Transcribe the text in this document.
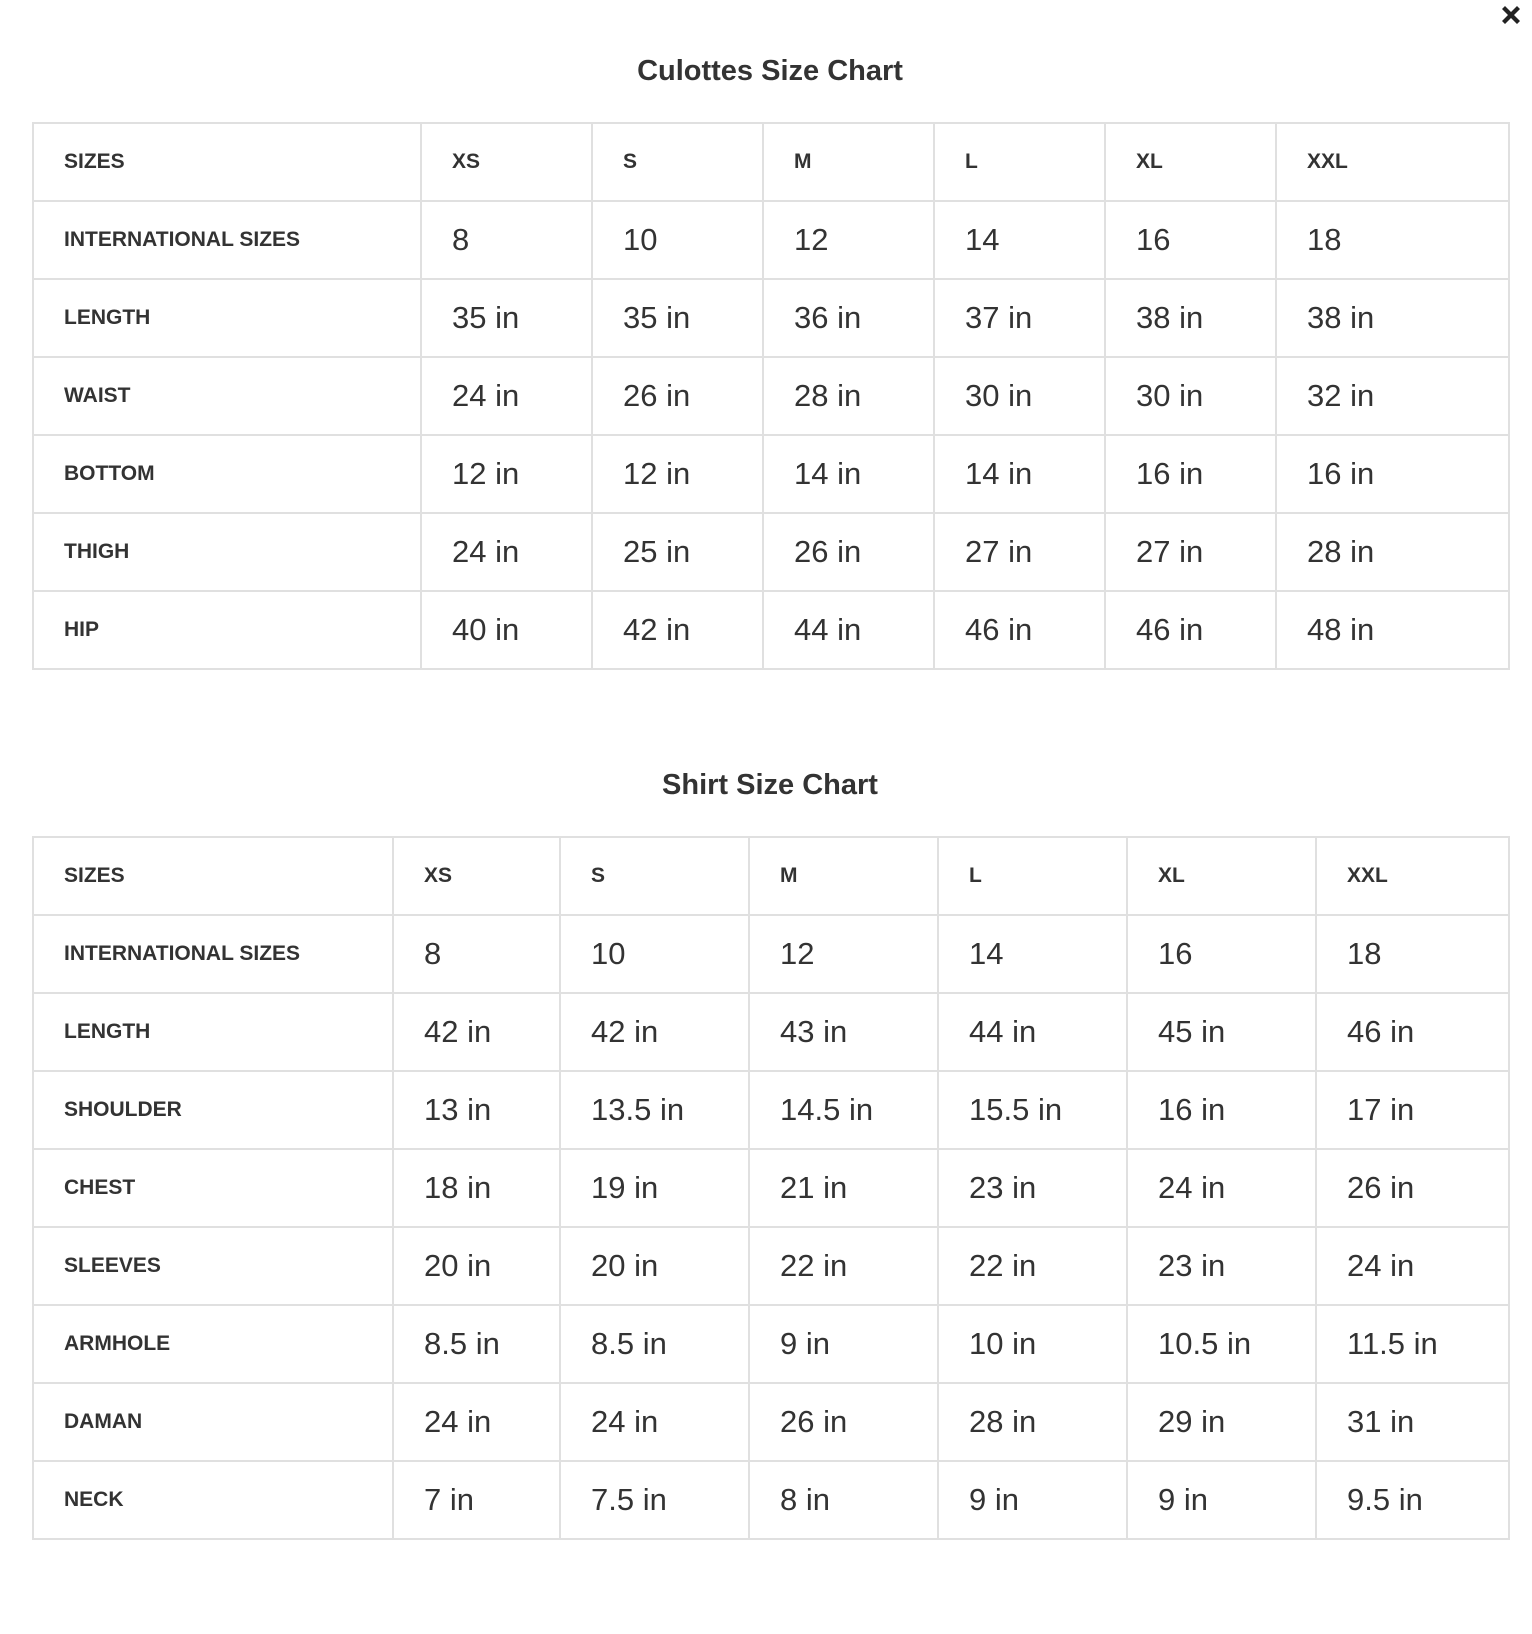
Culottes Size Chart
SIZES	XS	S	M	L	XL	XXL
INTERNATIONAL SIZES	8	10	12	14	16	18
LENGTH	35 in	35 in	36 in	37 in	38 in	38 in
WAIST	24 in	26 in	28 in	30 in	30 in	32 in
BOTTOM	12 in	12 in	14 in	14 in	16 in	16 in
THIGH	24 in	25 in	26 in	27 in	27 in	28 in
HIP	40 in	42 in	44 in	46 in	46 in	48 in
Shirt Size Chart
SIZES	XS	S	M	L	XL	XXL
INTERNATIONAL SIZES	8	10	12	14	16	18
LENGTH	42 in	42 in	43 in	44 in	45 in	46 in
SHOULDER	13 in	13.5 in	14.5 in	15.5 in	16 in	17 in
CHEST	18 in	19 in	21 in	23 in	24 in	26 in
SLEEVES	20 in	20 in	22 in	22 in	23 in	24 in
ARMHOLE	8.5 in	8.5 in	9 in	10 in	10.5 in	11.5 in
DAMAN	24 in	24 in	26 in	28 in	29 in	31 in
NECK	7 in	7.5 in	8 in	9 in	9 in	9.5 in
